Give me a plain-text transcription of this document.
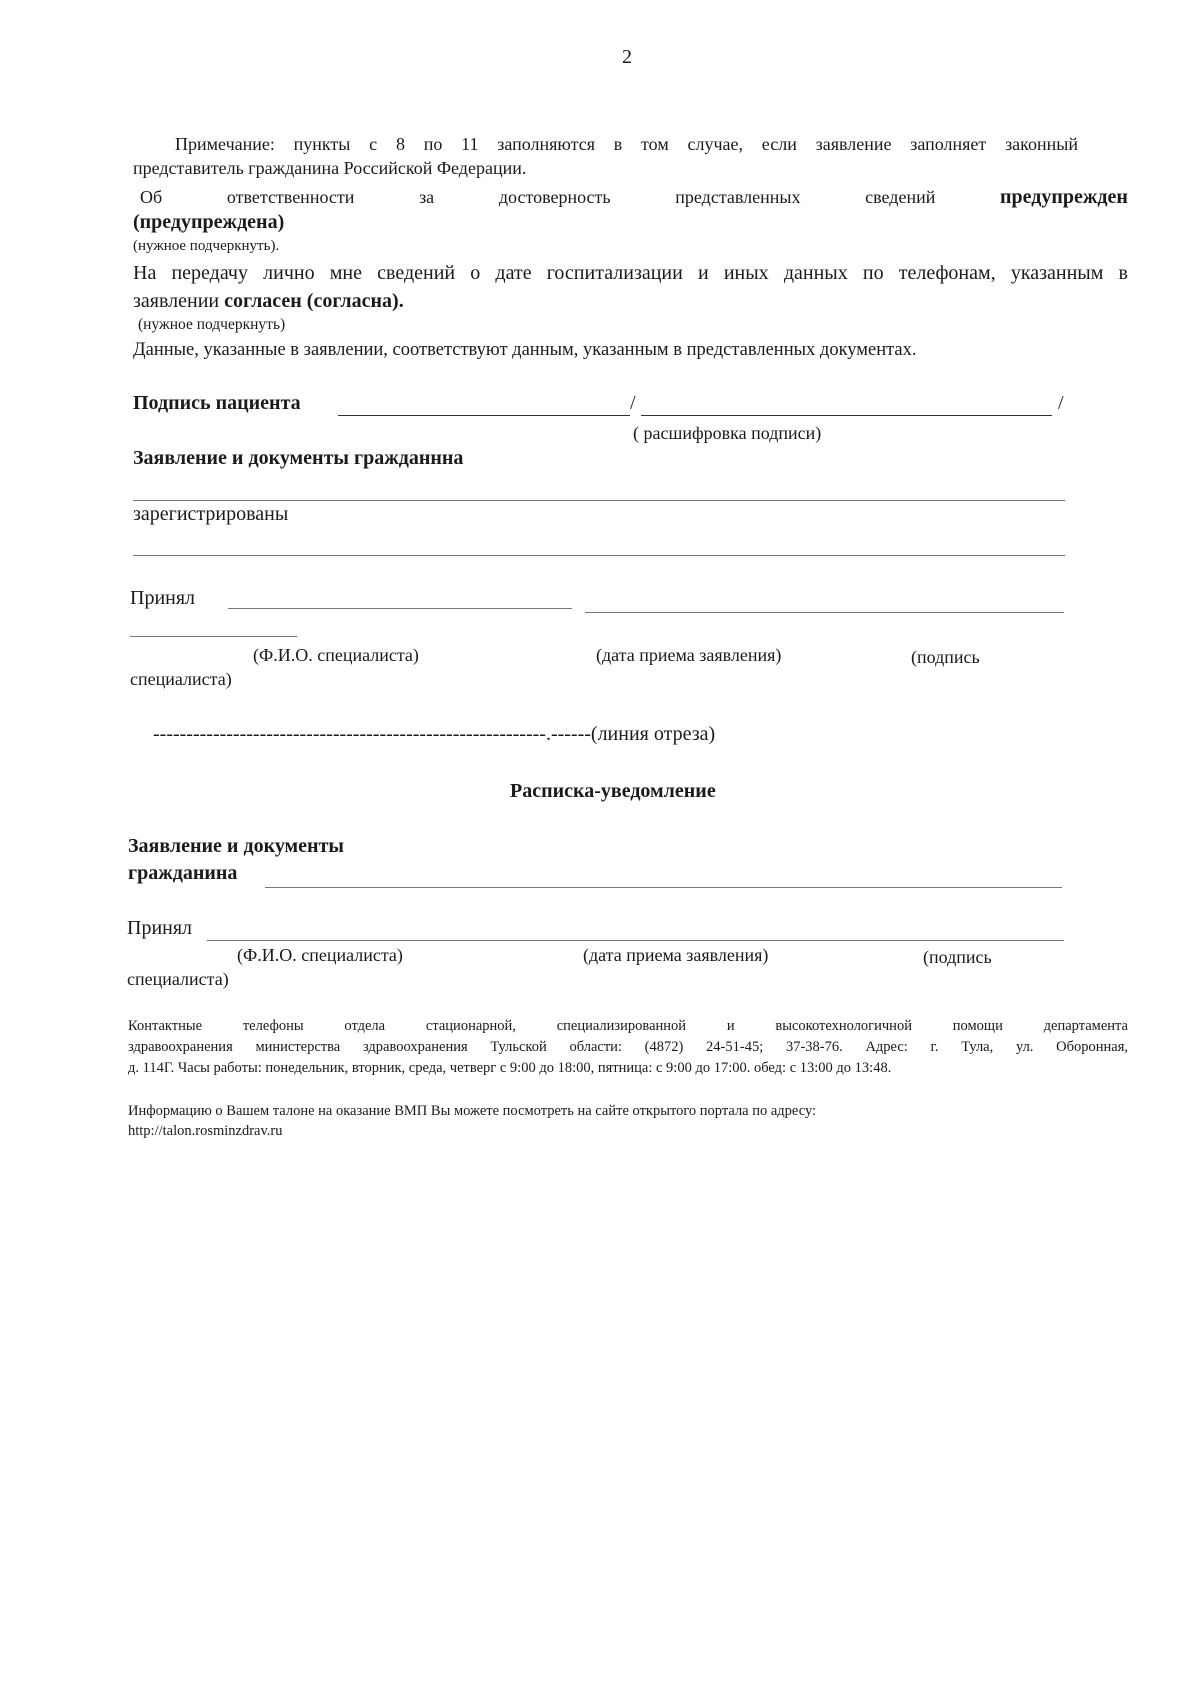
2
Примечание: пункты с 8 по 11 заполняются в том случае, если заявление заполняет законный
представитель гражданина Российской Федерации.
Об	ответственности	за	достоверность	представленных	сведений	предупрежден
(предупреждена)
(нужное подчеркнуть).
На передачу лично мне сведений о дате госпитализации и иных данных по телефонам, указанным в
заявлении согласен (согласна).
(нужное подчеркнуть)
Данные, указанные в заявлении, соответствуют данным, указанным в представленных документах.
Подпись пациента	/	/
( расшифровка подписи)
Заявление и документы гражданнна
зарегистрированы
Принял
(Ф.И.О. специалиста)	(дата приема заявления)	(подпись
специалиста)
-----------------------------------------------------------.------(линия отреза)
Расписка-уведомление
Заявление и документы
гражданина
Принял
(Ф.И.О. специалиста)	(дата приема заявления)	(подпись
специалиста)
Контактные телефоны отдела стационарной, специализированной и высокотехнологичной помощи департамента
здравоохранения министерства здравоохранения Тульской области: (4872) 24-51-45; 37-38-76. Адрес: г. Тула, ул. Оборонная,
д. 114Г. Часы работы: понедельник, вторник, среда, четверг с 9:00 до 18:00, пятница: с 9:00 до 17:00. обед: с 13:00 до 13:48.
Информацию о Вашем талоне на оказание ВМП Вы можете посмотреть на сайте открытого портала по адресу:
http://talon.rosminzdrav.ru
